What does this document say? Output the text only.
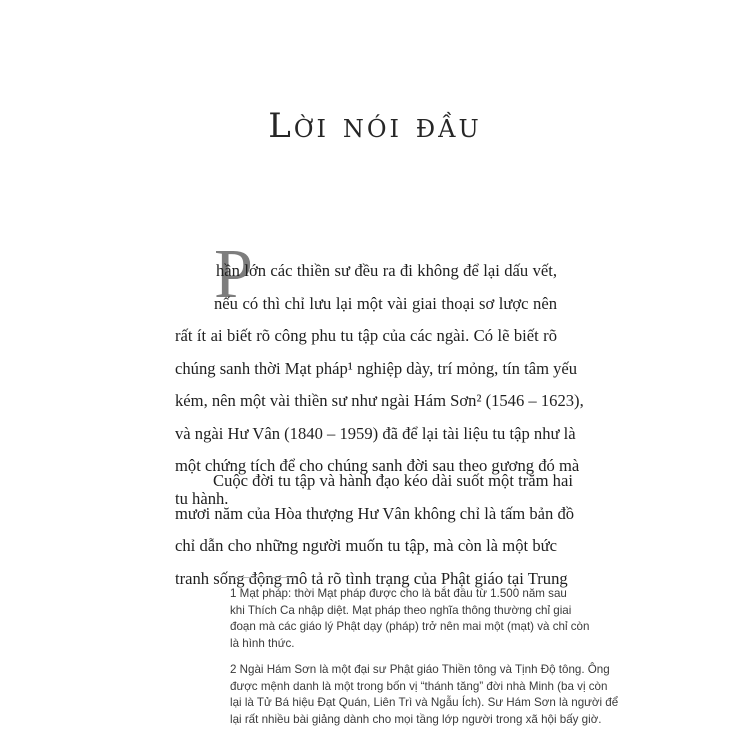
Lời nói đầu
P
hần lớn các thiền sư đều ra đi không để lại dấu vết,
nếu có thì chỉ lưu lại một vài giai thoại sơ lược nên
rất ít ai biết rõ công phu tu tập của các ngài. Có lẽ biết rõ
chúng sanh thời Mạt pháp¹ nghiệp dày, trí mỏng, tín tâm yếu
kém, nên một vài thiền sư như ngài Hám Sơn² (1546 – 1623),
và ngài Hư Vân (1840 – 1959) đã để lại tài liệu tu tập như là
một chứng tích để cho chúng sanh đời sau theo gương đó mà
tu hành.
Cuộc đời tu tập và hành đạo kéo dài suốt một trăm hai
mươi năm của Hòa thượng Hư Vân không chỉ là tấm bản đồ
chỉ dẫn cho những người muốn tu tập, mà còn là một bức
tranh sống động mô tả rõ tình trạng của Phật giáo tại Trung
1 Mạt pháp: thời Mạt pháp được cho là bắt đầu từ 1.500 năm sau
khi Thích Ca nhập diệt. Mạt pháp theo nghĩa thông thường chỉ giai
đoạn mà các giáo lý Phật dạy (pháp) trở nên mai một (mạt) và chỉ còn
là hình thức.
2 Ngài Hám Sơn là một đại sư Phật giáo Thiền tông và Tịnh Độ tông. Ông
được mệnh danh là một trong bốn vị “thánh tăng” đời nhà Minh (ba vị còn
lại là Tử Bá hiệu Đạt Quán, Liên Trì và Ngẫu Ích). Sư Hám Sơn là người để
lại rất nhiều bài giảng dành cho mọi tầng lớp người trong xã hội bấy giờ.
